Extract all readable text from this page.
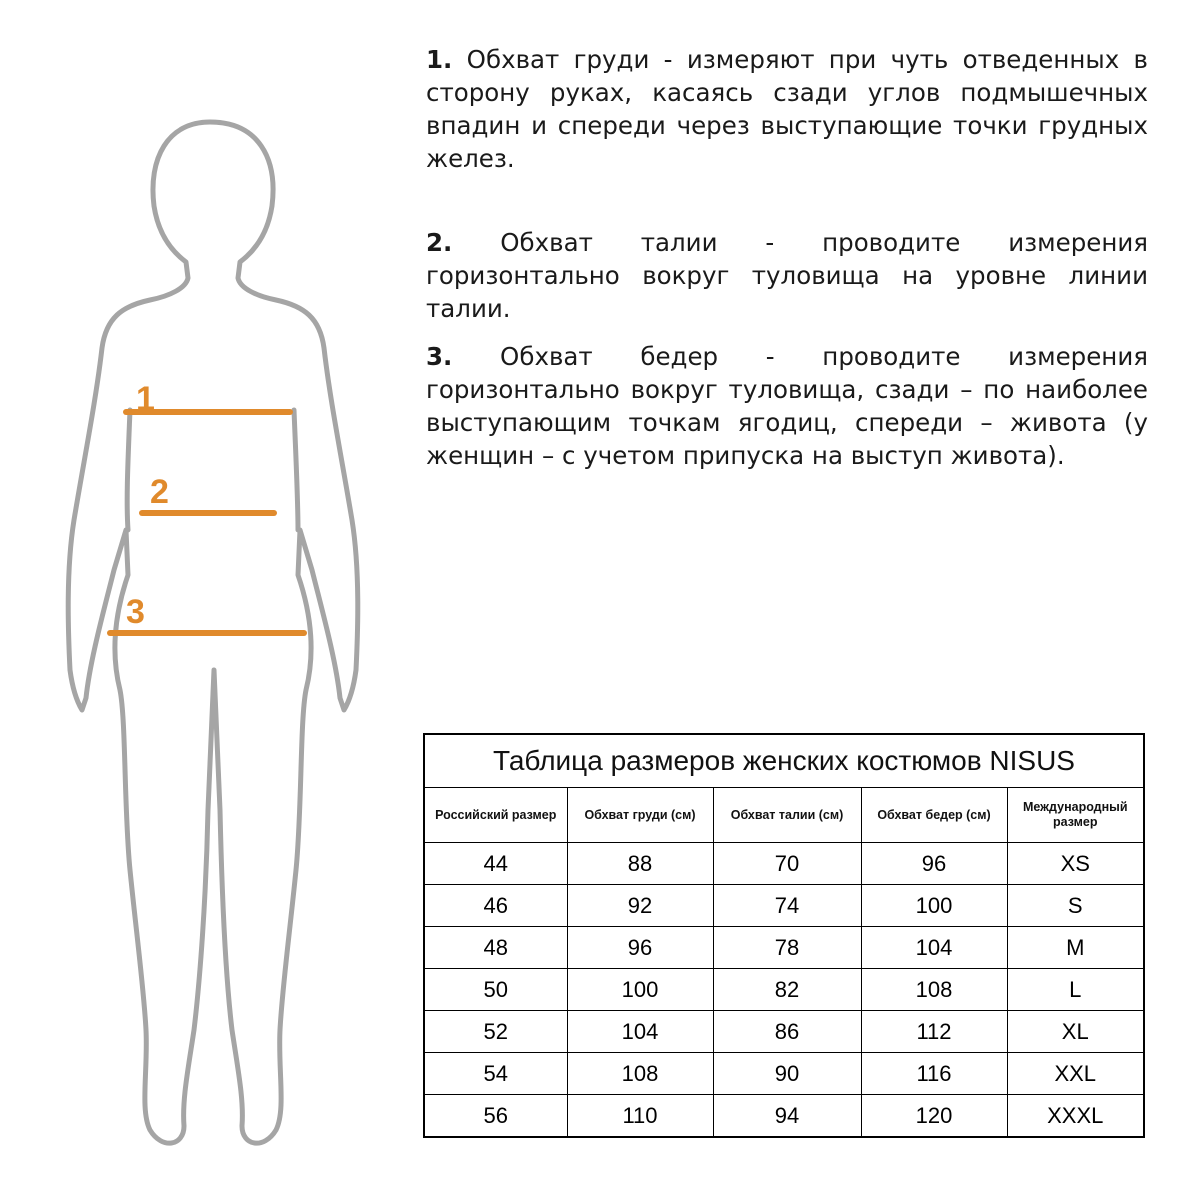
1
2
3
1. Обхват груди - измеряют при чуть отведенных в сторону руках, касаясь сзади углов подмышечных впадин и спереди через выступающие точки грудных желез.
2. Обхват талии - проводите измерения горизонтально вокруг туловища на уровне линии талии.
3. Обхват бедер - проводите измерения горизонтально вокруг туловища, сзади – по наиболее выступающим точкам ягодиц, спереди – живота (у женщин – с учетом припуска на выступ живота).
Таблица размеров женских костюмов NISUS				
Российский размер	Обхват груди (см)	Обхват талии (см)	Обхват бедер (см)	Международный размер
44	88	70	96	XS
46	92	74	100	S
48	96	78	104	M
50	100	82	108	L
52	104	86	112	XL
54	108	90	116	XXL
56	110	94	120	XXXL
